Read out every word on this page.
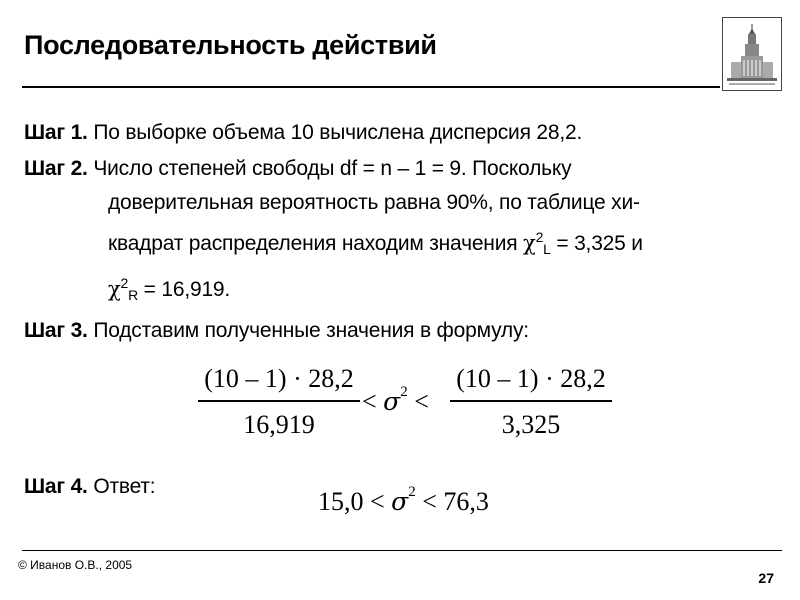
Последовательность действий
Шаг 1. По выборке объема 10 вычислена дисперсия 28,2.
Шаг 2. Число степеней свободы df = n – 1 = 9. Поскольку
доверительная вероятность равна 90%, по таблице хи-
квадрат распределения находим значения $\chi^2_L = 3,325$ и
$\chi^2_R = 16,919$.
Шаг 3. Подставим полученные значения в формулу:
(10 – 1) · 28,2
16,919
< $\sigma^2$ <
(10 – 1) · 28,2
3,325
Шаг 4. Ответ:
$15,0 < \sigma^2 < 76,3$
© Иванов О.В., 2005
27
